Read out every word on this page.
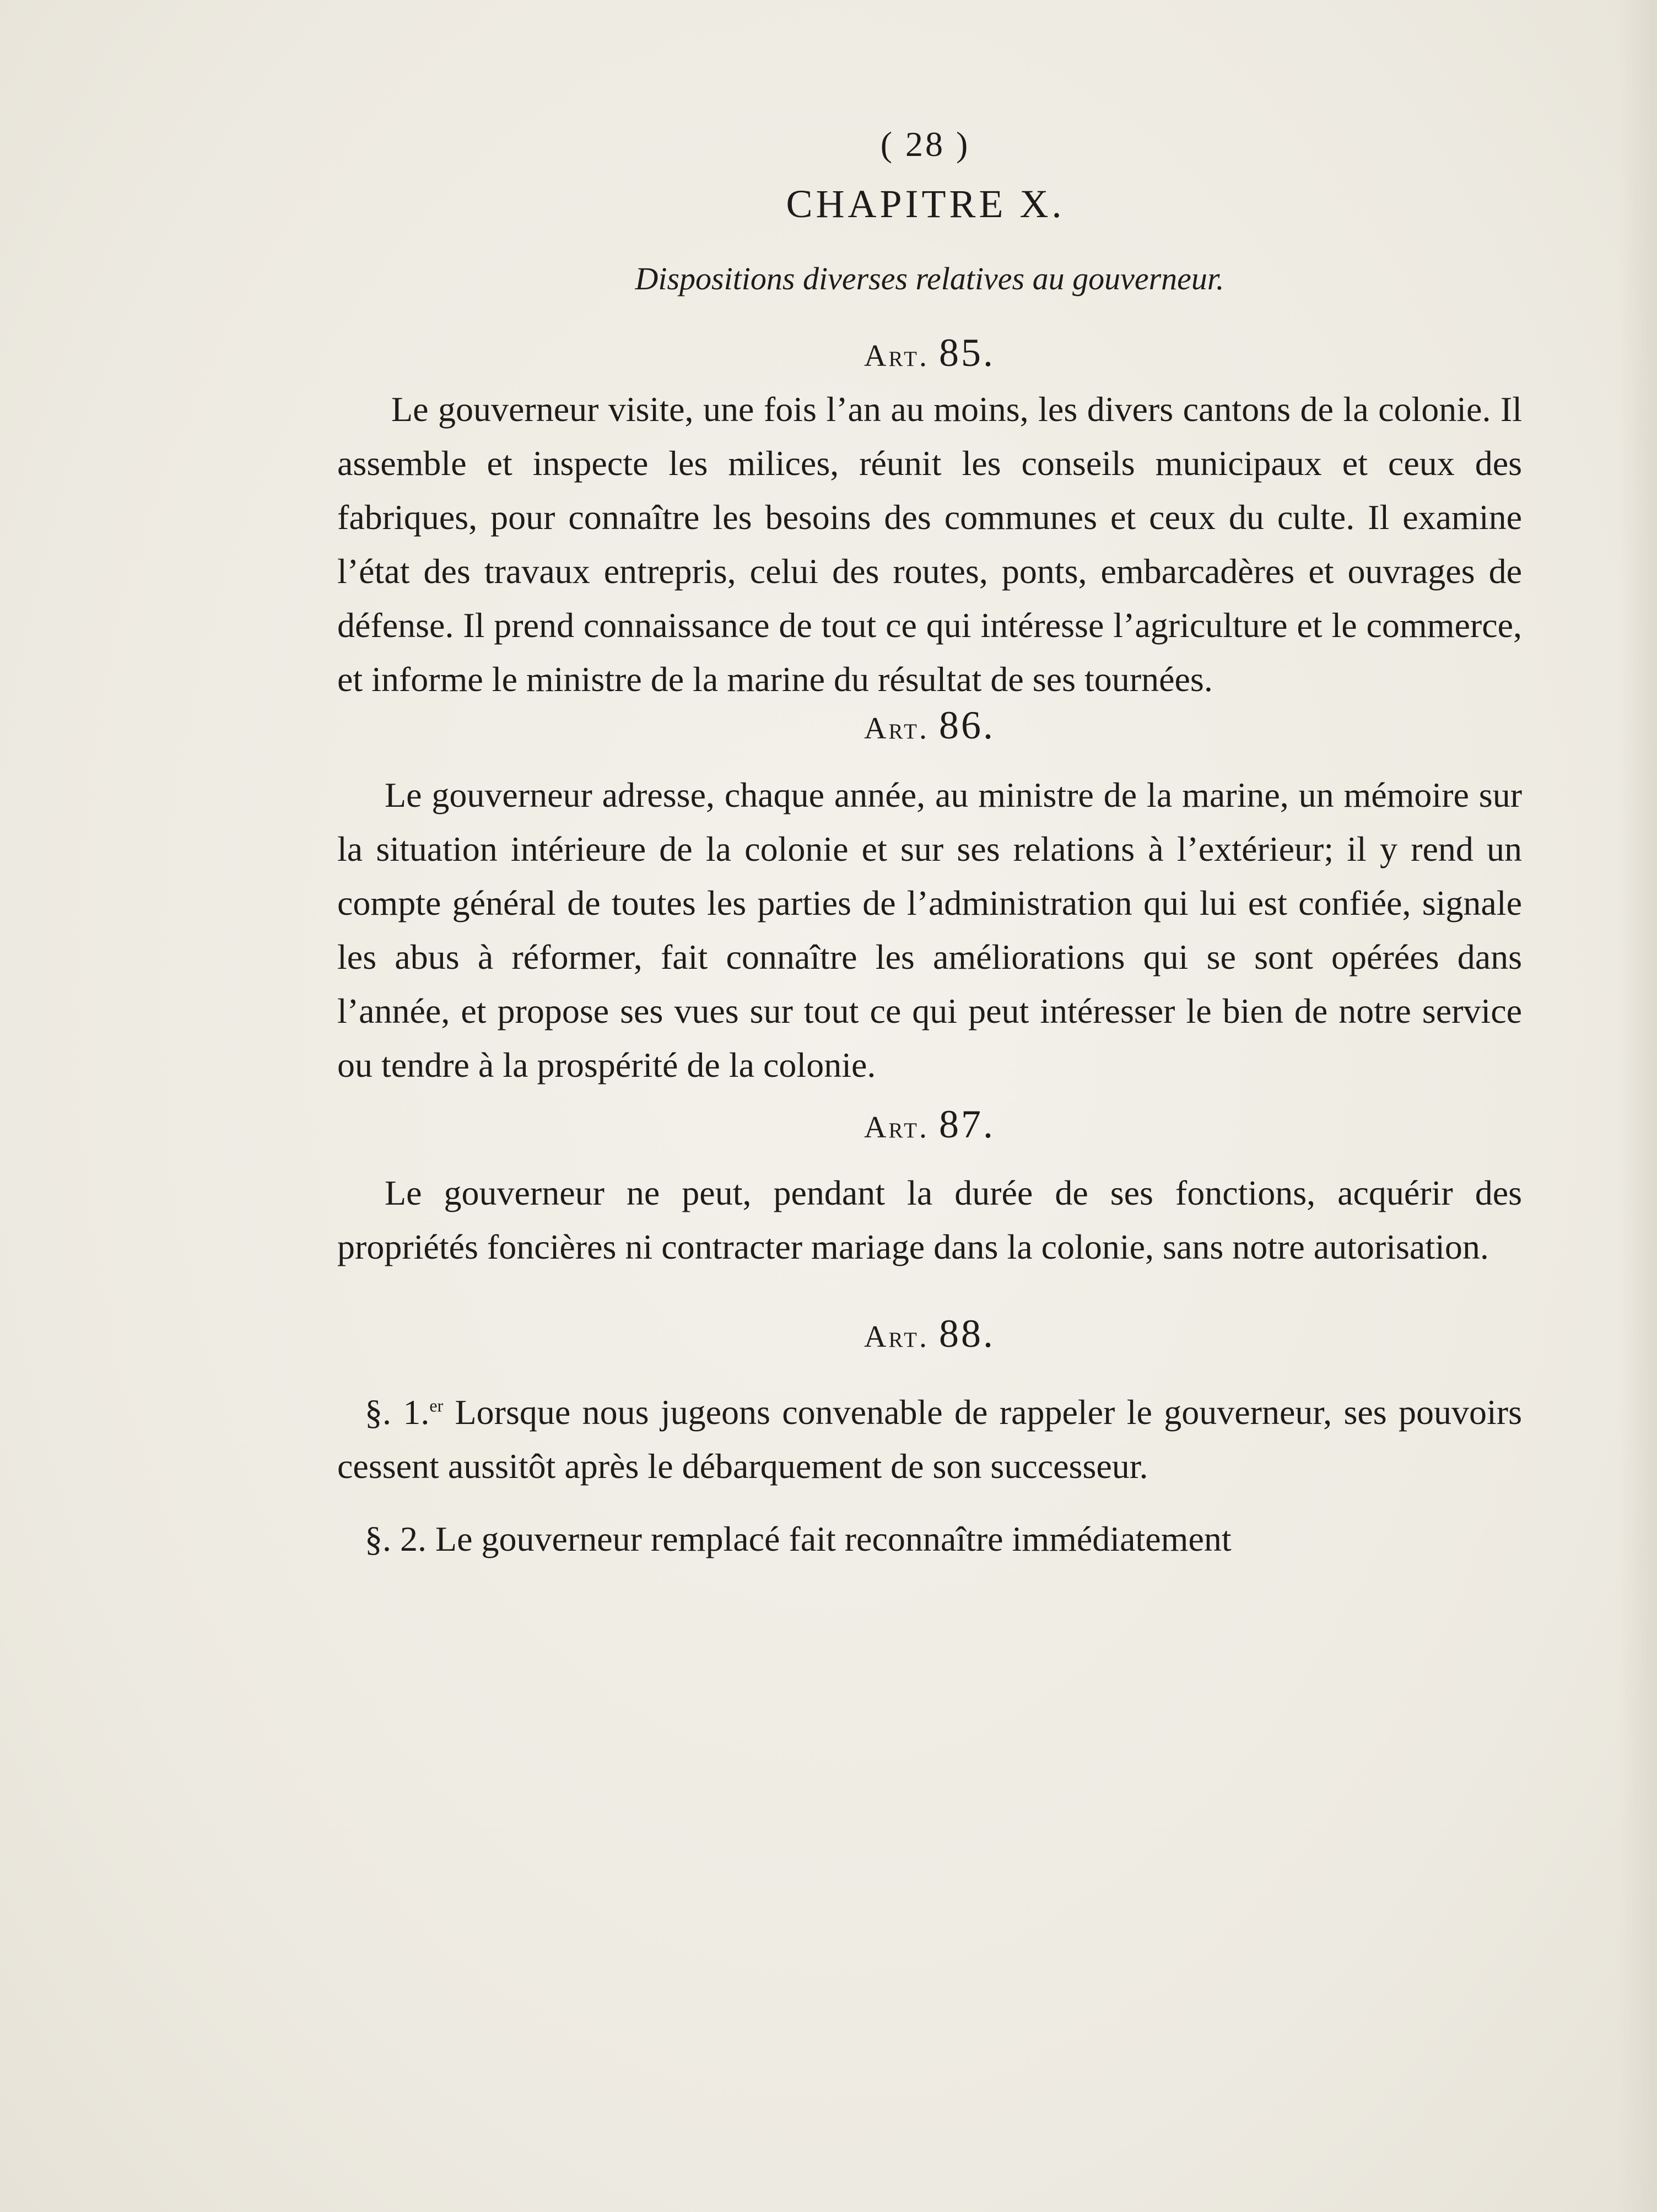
( 28 )
CHAPITRE X.
Dispositions diverses relatives au gouverneur.
Art. 85.

Le gouverneur visite, une fois l’an au moins, les divers cantons de la colonie. Il assemble et inspecte les milices, réunit les conseils municipaux et ceux des fabriques, pour connaître les besoins des communes et ceux du culte. Il examine l’état des travaux entrepris, celui des routes, ponts, embarcadères et ouvrages de défense. Il prend connaissance de tout ce qui intéresse l’agriculture et le commerce, et informe le ministre de la marine du résultat de ses tournées.

Art. 86.

Le gouverneur adresse, chaque année, au ministre de la marine, un mémoire sur la situation intérieure de la colonie et sur ses relations à l’extérieur; il y rend un compte général de toutes les parties de l’administration qui lui est confiée, signale les abus à réformer, fait connaître les améliorations qui se sont opérées dans l’année, et propose ses vues sur tout ce qui peut intéresser le bien de notre service ou tendre à la prospérité de la colonie.

Art. 87.

Le gouverneur ne peut, pendant la durée de ses fonctions, acquérir des propriétés foncières ni contracter mariage dans la colonie, sans notre autorisation.

Art. 88.

§. 1.$^{er}$ Lorsque nous jugeons convenable de rappeler le gouverneur, ses pouvoirs cessent aussitôt après le débarquement de son successeur.

§. 2. Le gouverneur remplacé fait reconnaître immédiatement
